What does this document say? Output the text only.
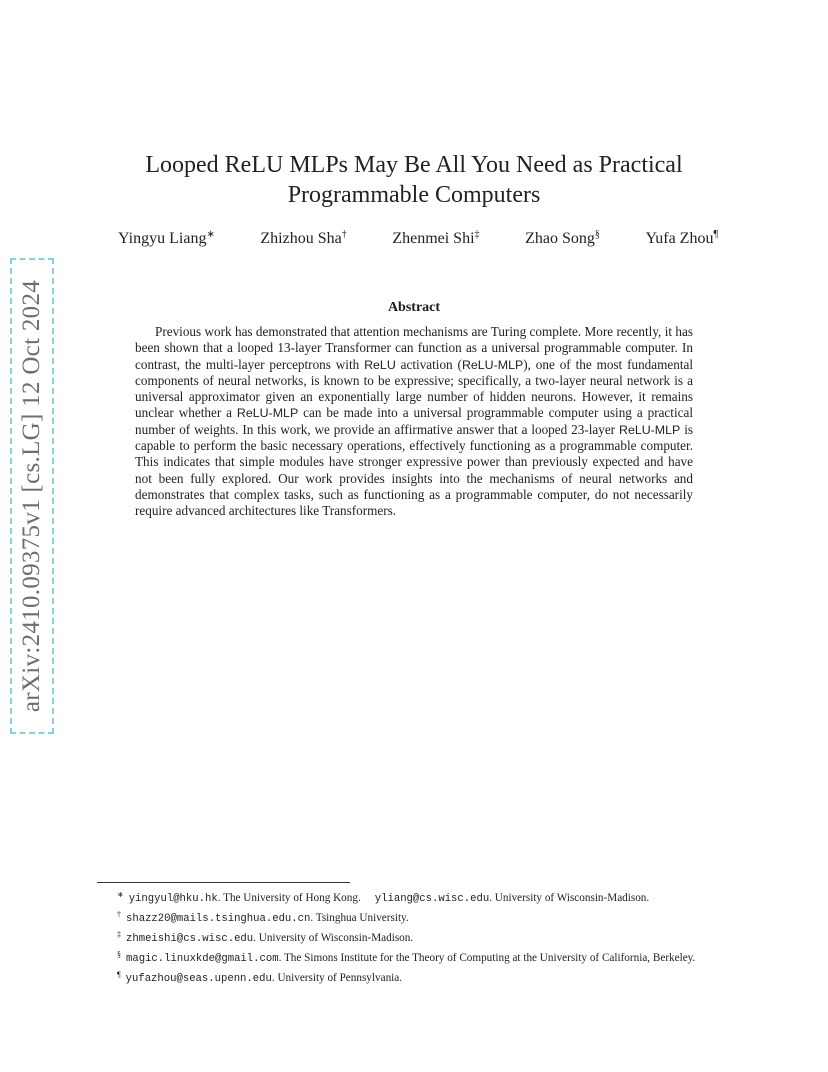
arXiv:2410.09375v1 [cs.LG] 12 Oct 2024
Looped ReLU MLPs May Be All You Need as Practical
Programmable Computers
Yingyu Liang∗	Zhizhou Sha†	Zhenmei Shi‡	Zhao Song§	Yufa Zhou¶
Abstract
Previous work has demonstrated that attention mechanisms are Turing complete. More recently, it has been shown that a looped 13-layer Transformer can function as a universal programmable computer. In contrast, the multi-layer perceptrons with ReLU activation (ReLU-MLP), one of the most fundamental components of neural networks, is known to be expressive; specifically, a two-layer neural network is a universal approximator given an exponentially large number of hidden neurons. However, it remains unclear whether a ReLU-MLP can be made into a universal programmable computer using a practical number of weights. In this work, we provide an affirmative answer that a looped 23-layer ReLU-MLP is capable to perform the basic necessary operations, effectively functioning as a programmable computer. This indicates that simple modules have stronger expressive power than previously expected and have not been fully explored. Our work provides insights into the mechanisms of neural networks and demonstrates that complex tasks, such as functioning as a programmable computer, do not necessarily require advanced architectures like Transformers.
∗ yingyul@hku.hk. The University of Hong Kong. yliang@cs.wisc.edu. University of Wisconsin-Madison.
† shazz20@mails.tsinghua.edu.cn. Tsinghua University.
‡ zhmeishi@cs.wisc.edu. University of Wisconsin-Madison.
§ magic.linuxkde@gmail.com. The Simons Institute for the Theory of Computing at the University of California, Berkeley.
¶ yufazhou@seas.upenn.edu. University of Pennsylvania.
